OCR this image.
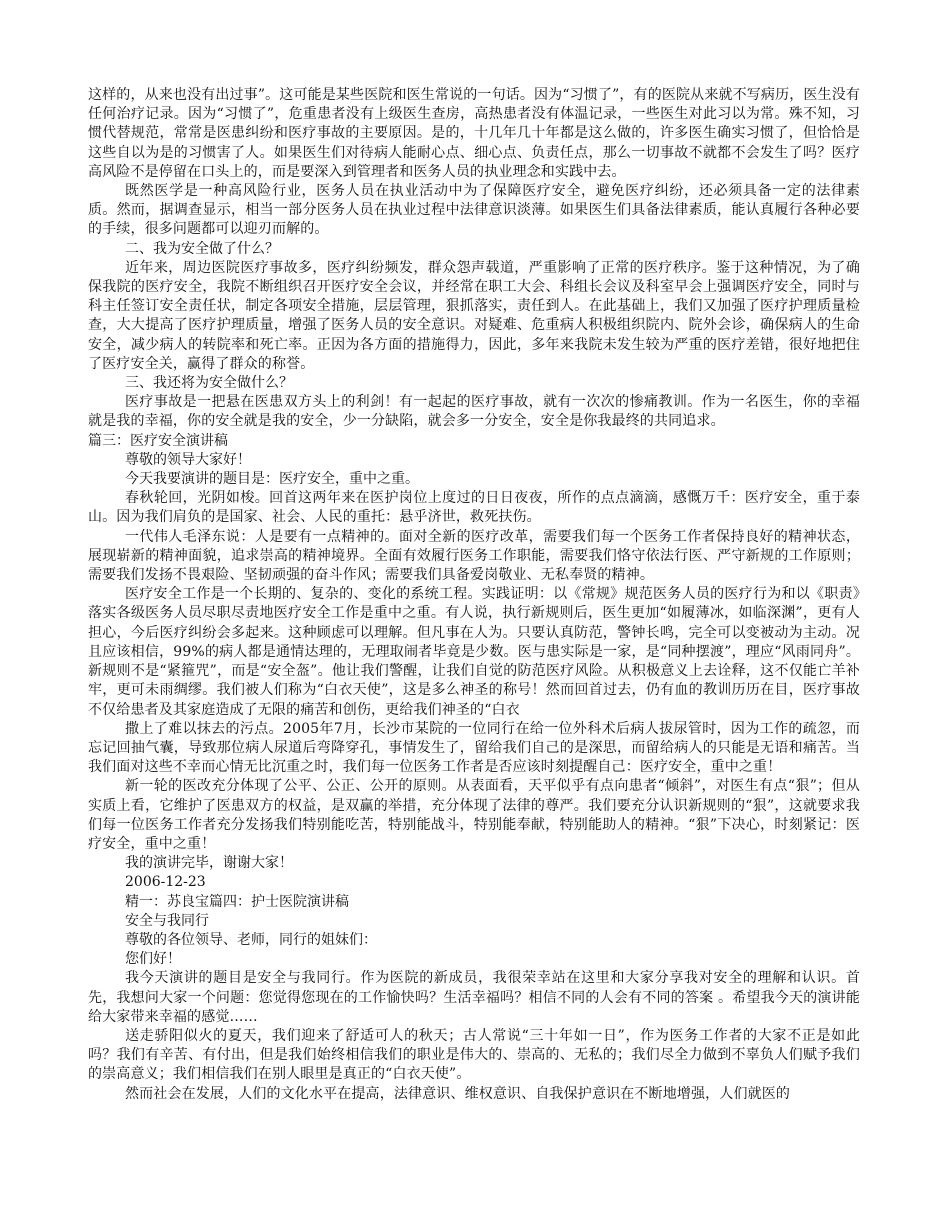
这样的，从来也没有出过事”。这可能是某些医院和医生常说的一句话。因为“习惯了”，有的医院从来就不写病历，医生没有任何治疗记录。因为“习惯了”，危重患者没有上级医生查房，高热患者没有体温记录，一些医生对此习以为常。殊不知，习惯代替规范，常常是医患纠纷和医疗事故的主要原因。是的，十几年几十年都是这么做的，许多医生确实习惯了，但恰恰是这些自以为是的习惯害了人。如果医生们对待病人能耐心点、细心点、负责任点，那么一切事故不就都不会发生了吗？医疗高风险不是停留在口头上的，而是要深入到管理者和医务人员的执业理念和实践中去。

既然医学是一种高风险行业，医务人员在执业活动中为了保障医疗安全，避免医疗纠纷，还必须具备一定的法律素质。然而，据调查显示，相当一部分医务人员在执业过程中法律意识淡薄。如果医生们具备法律素质，能认真履行各种必要的手续，很多问题都可以迎刃而解的。

二、我为安全做了什么？

近年来，周边医院医疗事故多，医疗纠纷频发，群众怨声载道，严重影响了正常的医疗秩序。鉴于这种情况，为了确保我院的医疗安全，我院不断组织召开医疗安全会议，并经常在职工大会、科组长会议及科室早会上强调医疗安全，同时与科主任签订安全责任状，制定各项安全措施，层层管理，狠抓落实，责任到人。在此基础上，我们又加强了医疗护理质量检查，大大提高了医疗护理质量，增强了医务人员的安全意识。对疑难、危重病人积极组织院内、院外会诊，确保病人的生命安全，减少病人的转院率和死亡率。正因为各方面的措施得力，因此，多年来我院未发生较为严重的医疗差错，很好地把住了医疗安全关，赢得了群众的称誉。

三、我还将为安全做什么？

医疗事故是一把悬在医患双方头上的利剑！有一起起的医疗事故，就有一次次的惨痛教训。作为一名医生，你的幸福就是我的幸福，你的安全就是我的安全，少一分缺陷，就会多一分安全，安全是你我最终的共同追求。

篇三：医疗安全演讲稿

尊敬的领导大家好！

今天我要演讲的题目是：医疗安全，重中之重。

春秋轮回，光阴如梭。回首这两年来在医护岗位上度过的日日夜夜，所作的点点滴滴，感慨万千：医疗安全，重于泰山。因为我们肩负的是国家、社会、人民的重托：悬乎济世，救死扶伤。

一代伟人毛泽东说：人是要有一点精神的。面对全新的医疗改革，需要我们每一个医务工作者保持良好的精神状态，展现崭新的精神面貌，追求崇高的精神境界。全面有效履行医务工作职能，需要我们恪守依法行医、严守新规的工作原则；需要我们发扬不畏艰险、坚韧顽强的奋斗作风；需要我们具备爱岗敬业、无私奉贤的精神。

医疗安全工作是一个长期的、复杂的、变化的系统工程。实践证明：以《常规》规范医务人员的医疗行为和以《职责》落实各级医务人员尽职尽责地医疗安全工作是重中之重。有人说，执行新规则后，医生更加“如履薄冰，如临深渊”，更有人担心，今后医疗纠纷会多起来。这种顾虑可以理解。但凡事在人为。只要认真防范，警钟长鸣，完全可以变被动为主动。况且应该相信，99%的病人都是通情达理的，无理取闹者毕竟是少数。医与患实际是一家，是“同种摆渡”，理应“风雨同舟”。新规则不是“紧箍咒”，而是“安全盔”。他让我们警醒，让我们自觉的防范医疗风险。从积极意义上去诠释，这不仅能亡羊补牢，更可未雨绸缪。我们被人们称为“白衣天使”，这是多么神圣的称号！然而回首过去，仍有血的教训历历在目，医疗事故不仅给患者及其家庭造成了无限的痛苦和创伤，更给我们神圣的“白衣

撒上了难以抹去的污点。2005年7月，长沙市某院的一位同行在给一位外科术后病人拔尿管时，因为工作的疏忽，而忘记回抽气囊，导致那位病人尿道后弯降穿孔，事情发生了，留给我们自己的是深思，而留给病人的只能是无语和痛苦。当我们面对这些不幸而心情无比沉重之时，我们每一位医务工作者是否应该时刻提醒自己：医疗安全，重中之重！

新一轮的医改充分体现了公平、公正、公开的原则。从表面看，天平似乎有点向患者“倾斜”，对医生有点“狠”；但从实质上看，它维护了医患双方的权益，是双赢的举措，充分体现了法律的尊严。我们要充分认识新规则的“狠”，这就要求我们每一位医务工作者充分发扬我们特别能吃苦，特别能战斗，特别能奉献，特别能助人的精神。“狠”下决心，时刻紧记：医疗安全，重中之重！

我的演讲完毕，谢谢大家！

2006-12-23

精一：苏良宝篇四：护士医院演讲稿

安全与我同行

尊敬的各位领导、老师，同行的姐妹们：

您们好！

我今天演讲的题目是安全与我同行。作为医院的新成员，我很荣幸站在这里和大家分享我对安全的理解和认识。首先，我想问大家一个问题：您觉得您现在的工作愉快吗？生活幸福吗？相信不同的人会有不同的答案 。希望我今天的演讲能给大家带来幸福的感觉……

送走骄阳似火的夏天，我们迎来了舒适可人的秋天；古人常说“三十年如一日”，作为医务工作者的大家不正是如此吗？我们有辛苦、有付出，但是我们始终相信我们的职业是伟大的、崇高的、无私的；我们尽全力做到不辜负人们赋予我们的崇高意义；我们相信我们在别人眼里是真正的“白衣天使”。

然而社会在发展，人们的文化水平在提高，法律意识、维权意识、自我保护意识在不断地增强，人们就医的
